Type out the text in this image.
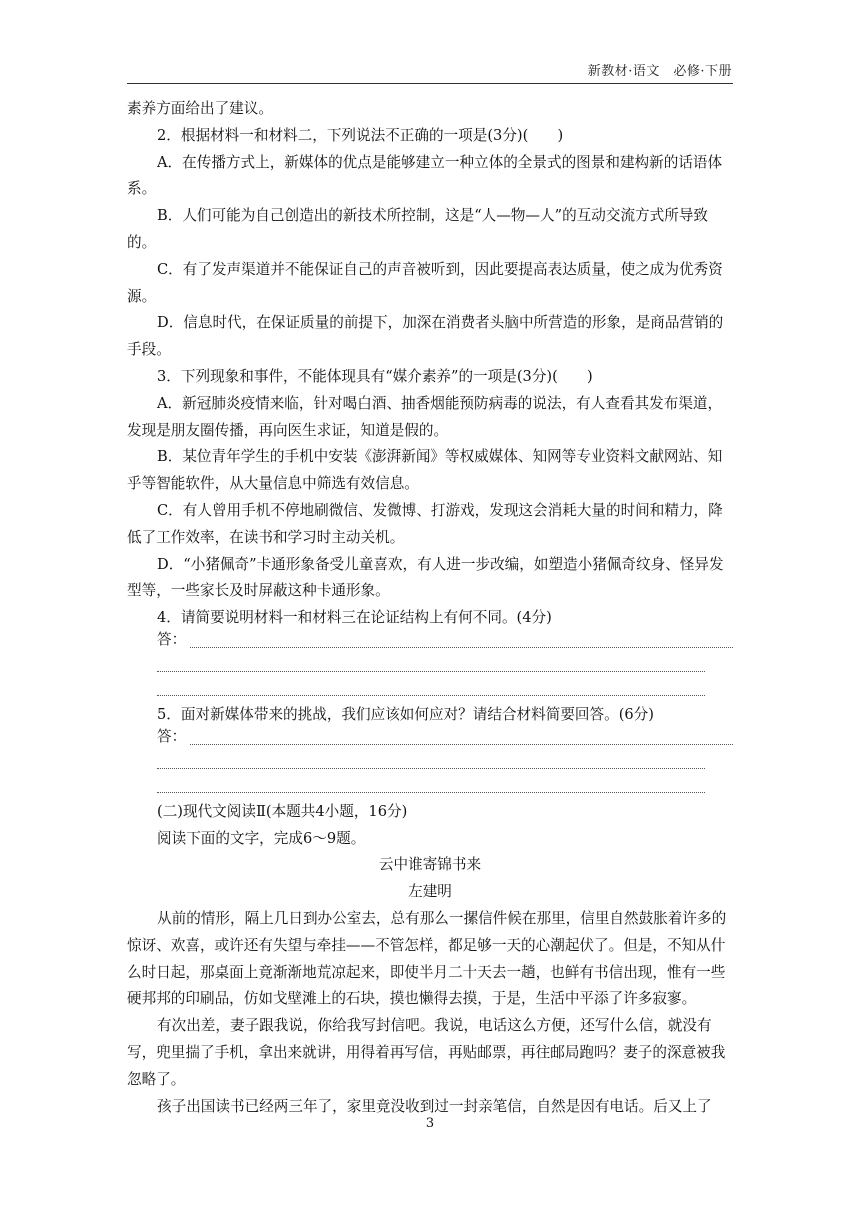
新教材·语文　必修·下册

素养方面给出了建议。

2．根据材料一和材料二，下列说法不正确的一项是(3分)(　　)

A．在传播方式上，新媒体的优点是能够建立一种立体的全景式的图景和建构新的话语体系。

B．人们可能为自己创造出的新技术所控制，这是“人—物—人”的互动交流方式所导致的。

C．有了发声渠道并不能保证自己的声音被听到，因此要提高表达质量，使之成为优秀资源。

D．信息时代，在保证质量的前提下，加深在消费者头脑中所营造的形象，是商品营销的手段。

3．下列现象和事件，不能体现具有“媒介素养”的一项是(3分)(　　)

A．新冠肺炎疫情来临，针对喝白酒、抽香烟能预防病毒的说法，有人查看其发布渠道，发现是朋友圈传播，再向医生求证，知道是假的。

B．某位青年学生的手机中安装《澎湃新闻》等权威媒体、知网等专业资料文献网站、知乎等智能软件，从大量信息中筛选有效信息。

C．有人曾用手机不停地刷微信、发微博、打游戏，发现这会消耗大量的时间和精力，降低了工作效率，在读书和学习时主动关机。

D．“小猪佩奇”卡通形象备受儿童喜欢，有人进一步改编，如塑造小猪佩奇纹身、怪异发型等，一些家长及时屏蔽这种卡通形象。

4．请简要说明材料一和材料三在论证结构上有何不同。(4分)

答：

5．面对新媒体带来的挑战，我们应该如何应对？请结合材料简要回答。(6分)

答：

(二)现代文阅读Ⅱ(本题共4小题，16分)

阅读下面的文字，完成6～9题。

云中谁寄锦书来

左建明

从前的情形，隔上几日到办公室去，总有那么一摞信件候在那里，信里自然鼓胀着许多的惊讶、欢喜，或许还有失望与牵挂——不管怎样，都足够一天的心潮起伏了。但是，不知从什么时日起，那桌面上竟渐渐地荒凉起来，即使半月二十天去一趟，也鲜有书信出现，惟有一些硬邦邦的印刷品，仿如戈壁滩上的石块，摸也懒得去摸，于是，生活中平添了许多寂寥。

有次出差，妻子跟我说，你给我写封信吧。我说，电话这么方便，还写什么信，就没有写，兜里揣了手机，拿出来就讲，用得着再写信，再贴邮票，再往邮局跑吗？妻子的深意被我忽略了。

孩子出国读书已经两三年了，家里竟没收到过一封亲笔信，自然是因有电话。后又上了

3
